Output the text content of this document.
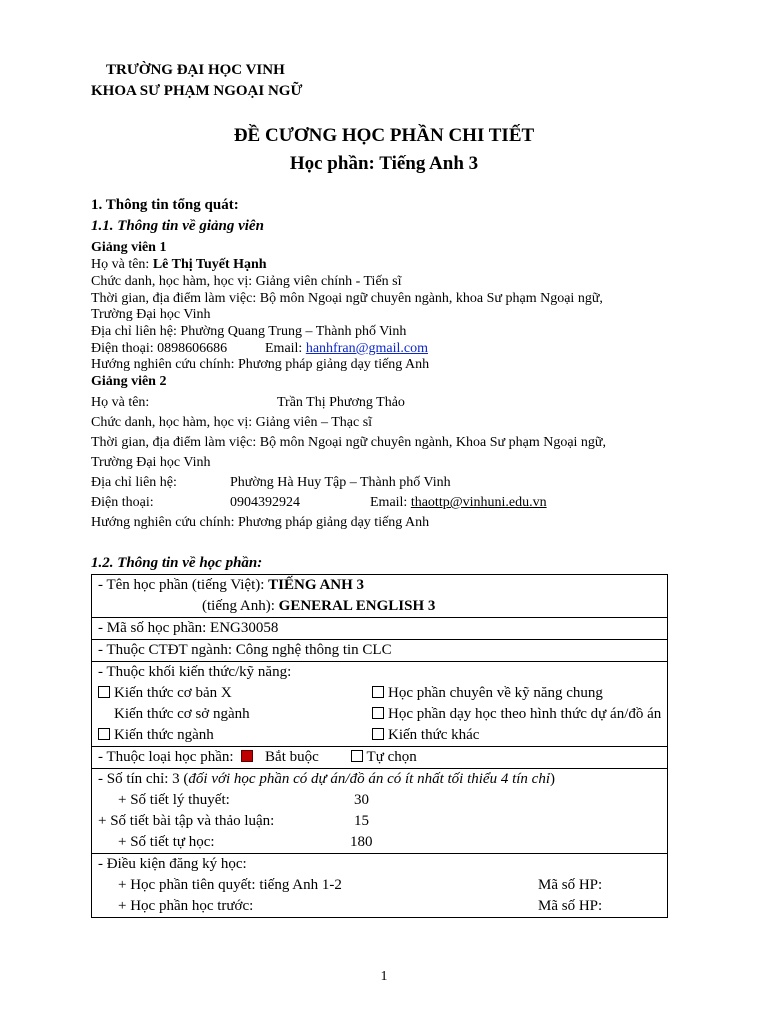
TRƯỜNG ĐẠI HỌC VINH
KHOA SƯ PHẠM NGOẠI NGỮ
ĐỀ CƯƠNG HỌC PHẦN CHI TIẾT
Học phần: Tiếng Anh 3
1. Thông tin tổng quát:
1.1. Thông tin về giảng viên
Giảng viên 1
Họ và tên: Lê Thị Tuyết Hạnh
Chức danh, học hàm, học vị: Giảng viên chính - Tiến sĩ
Thời gian, địa điểm làm việc: Bộ môn Ngoại ngữ chuyên ngành, khoa Sư phạm Ngoại ngữ,
Trường Đại học Vinh
Địa chỉ liên hệ: Phường Quang Trung – Thành phố Vinh
Điện thoại: 0898606686	Email: hanhfran@gmail.com
Hướng nghiên cứu chính: Phương pháp giảng dạy tiếng Anh
Giảng viên 2
Họ và tên:	Trần Thị Phương Thảo
Chức danh, học hàm, học vị: Giảng viên – Thạc sĩ
Thời gian, địa điểm làm việc: Bộ môn Ngoại ngữ chuyên ngành, Khoa Sư phạm Ngoại ngữ,
Trường Đại học Vinh
Địa chỉ liên hệ:	Phường Hà Huy Tập – Thành phố Vinh
Điện thoại:	0904392924	Email: thaottp@vinhuni.edu.vn
Hướng nghiên cứu chính: Phương pháp giảng dạy tiếng Anh
1.2. Thông tin về học phần:
- Tên học phần (tiếng Việt): TIẾNG ANH 3
(tiếng Anh): GENERAL ENGLISH 3

- Mã số học phần: ENG30058
- Thuộc CTĐT ngành: Công nghệ thông tin CLC

- Thuộc khối kiến thức/kỹ năng:
Kiến thức cơ bản X	Học phần chuyên về kỹ năng chung
Kiến thức cơ sở ngành	Học phần dạy học theo hình thức dự án/đồ án
Kiến thức ngành	Kiến thức khác

- Thuộc loại học phần: Bắt buộc	Tự chọn

- Số tín chỉ: 3 (đối với học phần có dự án/đồ án có ít nhất tối thiểu 4 tín chỉ)
+ Số tiết lý thuyết:	30
+ Số tiết bài tập và thảo luận:	15
+ Số tiết tự học:	180

- Điều kiện đăng ký học:
+ Học phần tiên quyết: tiếng Anh 1-2	Mã số HP:
+ Học phần học trước:	Mã số HP:
1
